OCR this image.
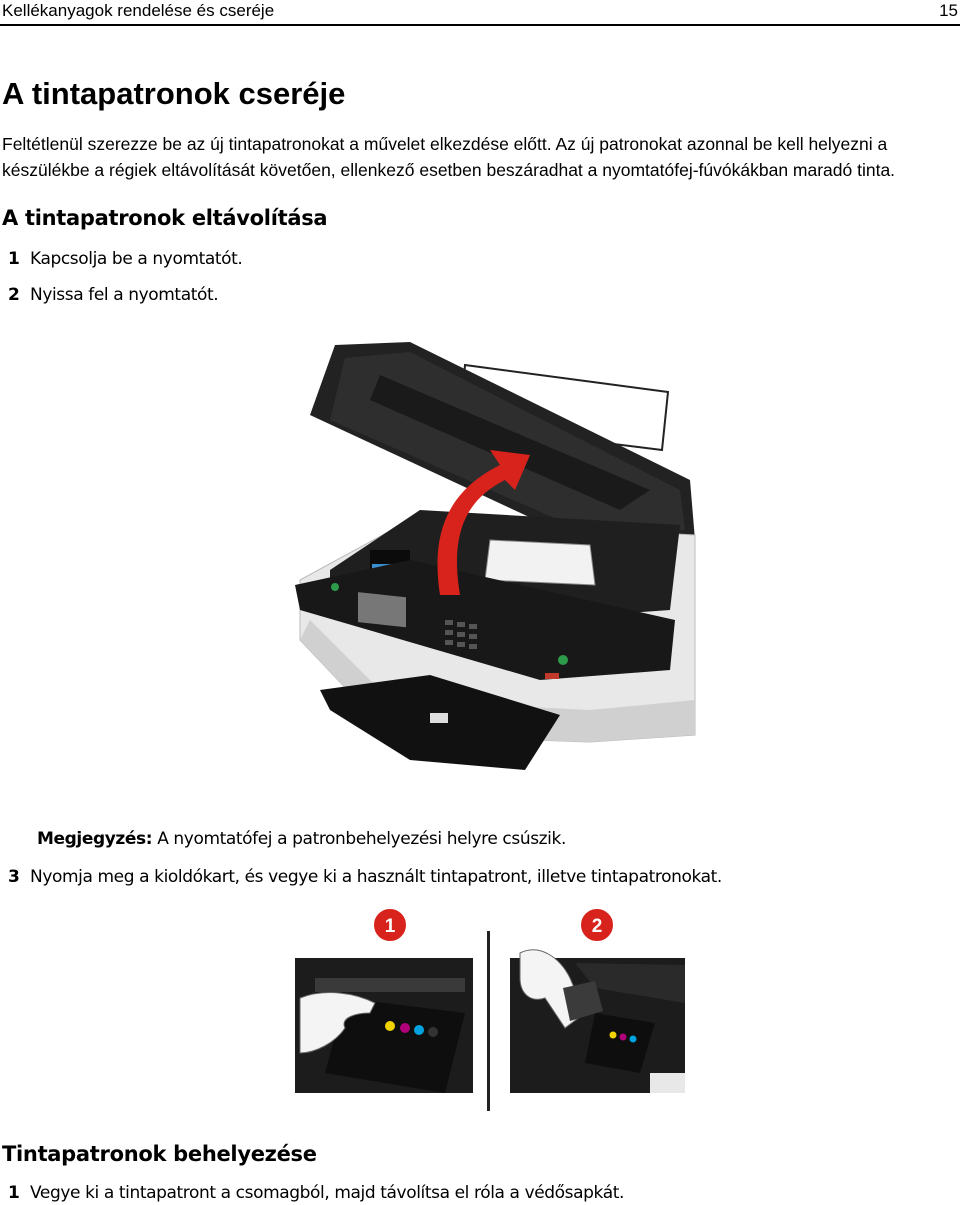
Kellékanyagok rendelése és cseréje	15
A tintapatronok cseréje

Feltétlenül szerezze be az új tintapatronokat a művelet elkezdése előtt. Az új patronokat azonnal be kell helyezni a készülékbe a régiek eltávolítását követően, ellenkező esetben beszáradhat a nyomtatófej-fúvókákban maradó tinta.

A tintapatronok eltávolítása
1 Kapcsolja be a nyomtatót.
2 Nyissa fel a nyomtatót.
Megjegyzés: A nyomtatófej a patronbehelyezési helyre csúszik.
3 Nyomja meg a kioldókart, és vegye ki a használt tintapatront, illetve tintapatronokat.
1	2
Tintapatronok behelyezése
1 Vegye ki a tintapatront a csomagból, majd távolítsa el róla a védősapkát.
